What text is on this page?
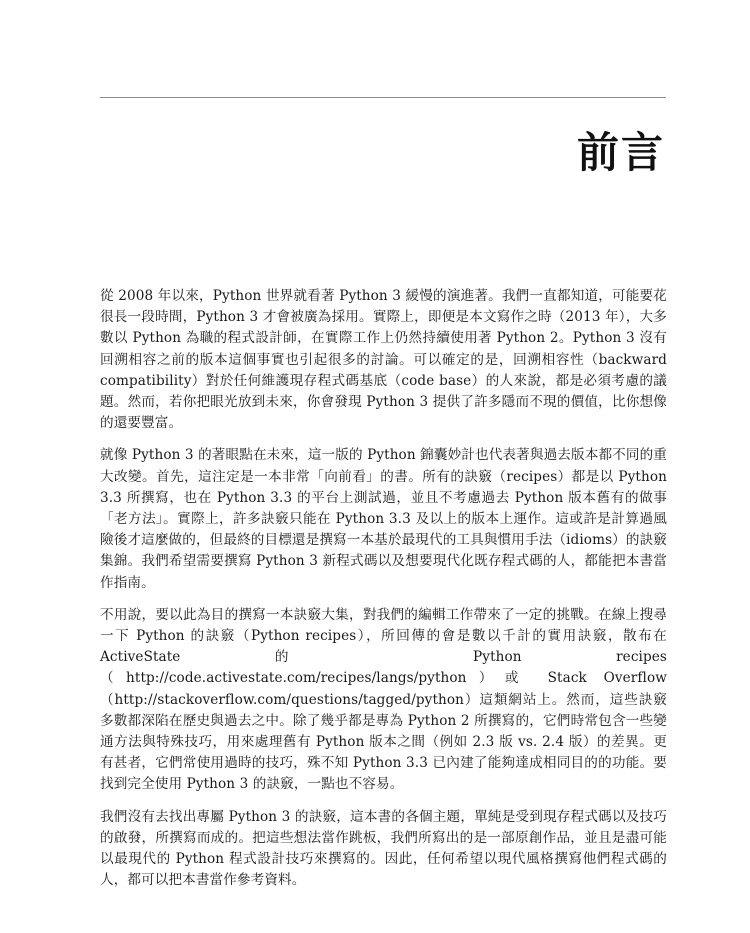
前言

從 2008 年以來，Python 世界就看著 Python 3 緩慢的演進著。我們一直都知道，可能要花很長一段時間，Python 3 才會被廣為採用。實際上，即便是本文寫作之時（2013 年），大多數以 Python 為職的程式設計師，在實際工作上仍然持續使用著 Python 2。Python 3 沒有回溯相容之前的版本這個事實也引起很多的討論。可以確定的是，回溯相容性（backward compatibility）對於任何維護現存程式碼基底（code base）的人來說，都是必須考慮的議題。然而，若你把眼光放到未來，你會發現 Python 3 提供了許多隱而不現的價值，比你想像的還要豐富。

就像 Python 3 的著眼點在未來，這一版的 Python 錦囊妙計也代表著與過去版本都不同的重大改變。首先，這注定是一本非常「向前看」的書。所有的訣竅（recipes）都是以 Python 3.3 所撰寫，也在 Python 3.3 的平台上測試過，並且不考慮過去 Python 版本舊有的做事「老方法」。實際上，許多訣竅只能在 Python 3.3 及以上的版本上運作。這或許是計算過風險後才這麼做的，但最終的目標還是撰寫一本基於最現代的工具與慣用手法（idioms）的訣竅集錦。我們希望需要撰寫 Python 3 新程式碼以及想要現代化既存程式碼的人，都能把本書當作指南。

不用說，要以此為目的撰寫一本訣竅大集，對我們的編輯工作帶來了一定的挑戰。在線上搜尋一下 Python 的訣竅（Python recipes），所回傳的會是數以千計的實用訣竅，散布在 ActiveState 的 Python recipes（http://code.activestate.com/recipes/langs/python）或 Stack Overflow（http://stackoverflow.com/questions/tagged/python）這類網站上。然而，這些訣竅多數都深陷在歷史與過去之中。除了幾乎都是專為 Python 2 所撰寫的，它們時常包含一些變通方法與特殊技巧，用來處理舊有 Python 版本之間（例如 2.3 版 vs. 2.4 版）的差異。更有甚者，它們常使用過時的技巧，殊不知 Python 3.3 已內建了能夠達成相同目的的功能。要找到完全使用 Python 3 的訣竅，一點也不容易。

我們沒有去找出專屬 Python 3 的訣竅，這本書的各個主題，單純是受到現存程式碼以及技巧的啟發，所撰寫而成的。把這些想法當作跳板，我們所寫出的是一部原創作品，並且是盡可能以最現代的 Python 程式設計技巧來撰寫的。因此，任何希望以現代風格撰寫他們程式碼的人，都可以把本書當作參考資料。
